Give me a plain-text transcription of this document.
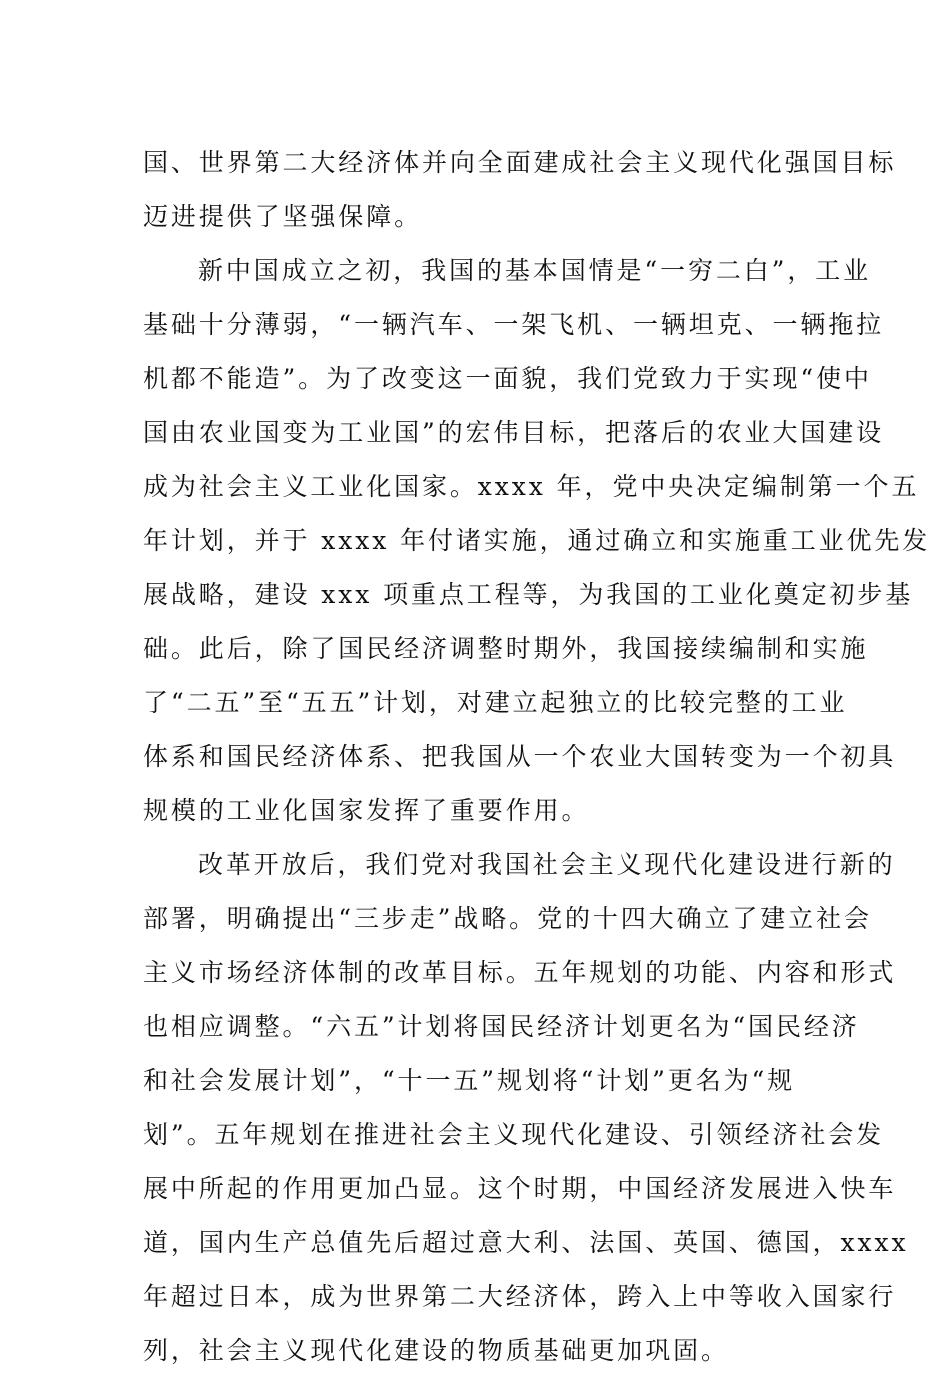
国、世界第二大经济体并向全面建成社会主义现代化强国目标
迈进提供了坚强保障。
新中国成立之初，我国的基本国情是“一穷二白”，工业
基础十分薄弱，“一辆汽车、一架飞机、一辆坦克、一辆拖拉
机都不能造”。为了改变这一面貌，我们党致力于实现“使中
国由农业国变为工业国”的宏伟目标，把落后的农业大国建设
成为社会主义工业化国家。xxxx 年，党中央决定编制第一个五
年计划，并于 xxxx 年付诸实施，通过确立和实施重工业优先发
展战略，建设 xxx 项重点工程等，为我国的工业化奠定初步基
础。此后，除了国民经济调整时期外，我国接续编制和实施
了“二五”至“五五”计划，对建立起独立的比较完整的工业
体系和国民经济体系、把我国从一个农业大国转变为一个初具
规模的工业化国家发挥了重要作用。
改革开放后，我们党对我国社会主义现代化建设进行新的
部署，明确提出“三步走”战略。党的十四大确立了建立社会
主义市场经济体制的改革目标。五年规划的功能、内容和形式
也相应调整。“六五”计划将国民经济计划更名为“国民经济
和社会发展计划”，“十一五”规划将“计划”更名为“规
划”。五年规划在推进社会主义现代化建设、引领经济社会发
展中所起的作用更加凸显。这个时期，中国经济发展进入快车
道，国内生产总值先后超过意大利、法国、英国、德国，xxxx
年超过日本，成为世界第二大经济体，跨入上中等收入国家行
列，社会主义现代化建设的物质基础更加巩固。
